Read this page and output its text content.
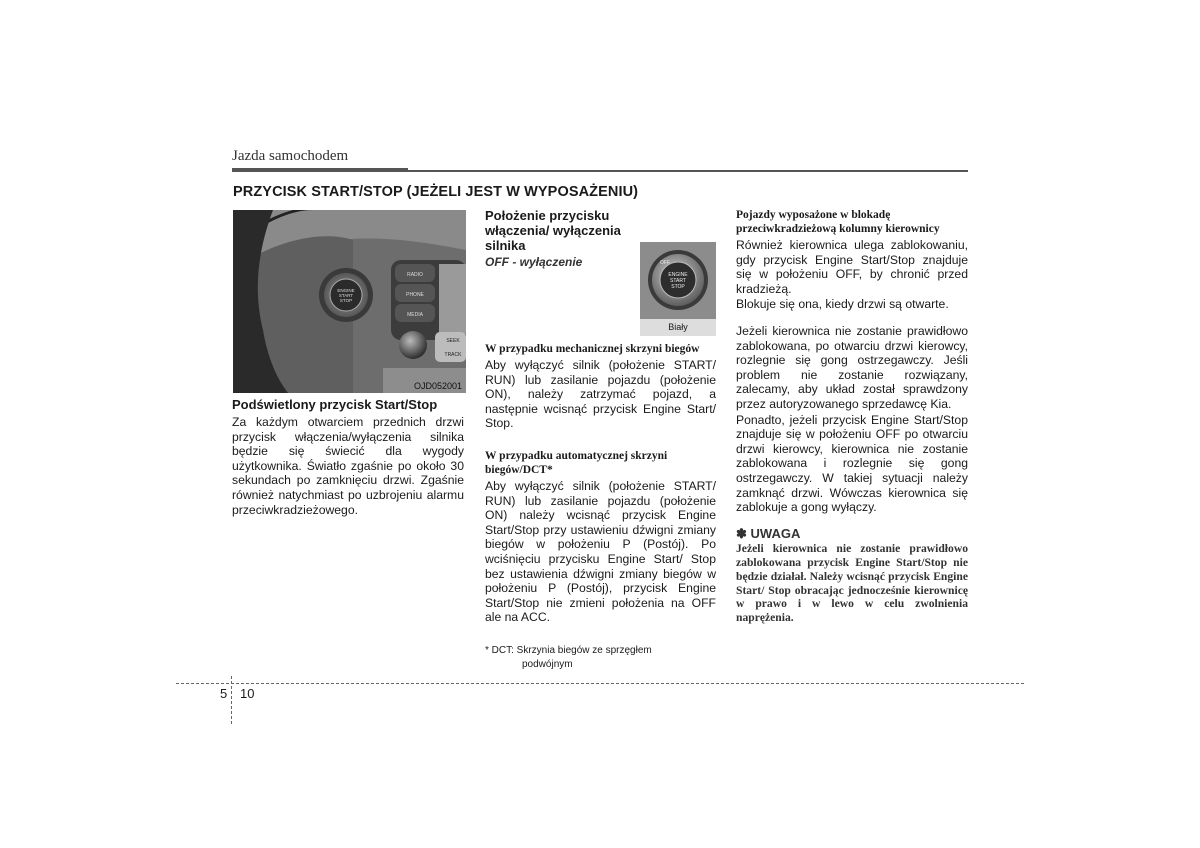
Jazda samochodem
PRZYCISK START/STOP (JEŻELI JEST W WYPOSAŻENIU)
ENGINE
START
STOP
RADIO
PHONE
MEDIA
SEEK
TRACK
OJD052001
Podświetlony przycisk Start/Stop

Za każdym otwarciem przednich drzwi przycisk włączenia/wyłączenia silnika będzie się świecić dla wygody użytkownika. Światło zgaśnie po około 30 sekundach po zamknięciu drzwi. Zgaśnie również natychmiast po uzbrojeniu alarmu przeciwkradzieżowego.

Położenie przycisku włączenia/ wyłączenia silnika
OFF - wyłączenie	OFF
ENGINE
START
STOP
Biały
W przypadku mechanicznej skrzyni biegów

Aby wyłączyć silnik (położenie START/ RUN) lub zasilanie pojazdu (położenie ON), należy zatrzymać pojazd, a następnie wcisnąć przycisk Engine Start/ Stop.

W przypadku automatycznej skrzyni biegów/DCT*

Aby wyłączyć silnik (położenie START/ RUN) lub zasilanie pojazdu (położenie ON) należy wcisnąć przycisk Engine Start/Stop przy ustawieniu dźwigni zmiany biegów w położeniu P (Postój). Po wciśnięciu przycisku Engine Start/ Stop bez ustawienia dźwigni zmiany biegów w położeniu P (Postój), przycisk Engine Start/Stop nie zmieni położenia na OFF ale na ACC.

* DCT: Skrzynia biegów ze sprzęgłem
podwójnym
Pojazdy wyposażone w blokadę przeciwkradzieżową kolumny kierownicy

Również kierownica ulega zablokowaniu, gdy przycisk Engine Start/Stop znajduje się w położeniu OFF, by chronić przed kradzieżą.

Blokuje się ona, kiedy drzwi są otwarte.

Jeżeli kierownica nie zostanie prawidłowo zablokowana, po otwarciu drzwi kierowcy, rozlegnie się gong ostrzegawczy. Jeśli problem nie zostanie rozwiązany, zalecamy, aby układ został sprawdzony przez autoryzowanego sprzedawcę Kia.

Ponadto, jeżeli przycisk Engine Start/Stop znajduje się w położeniu OFF po otwarciu drzwi kierowcy, kierownica nie zostanie zablokowana i rozlegnie się gong ostrzegawczy. W takiej sytuacji należy zamknąć drzwi. Wówczas kierownica się zablokuje a gong wyłączy.

✽ UWAGA
Jeżeli kierownica nie zostanie prawidłowo zablokowana przycisk Engine Start/Stop nie będzie działał. Należy wcisnąć przycisk Engine Start/ Stop obracając jednocześnie kierownicę w prawo i w lewo w celu zwolnienia naprężenia.
5 10
